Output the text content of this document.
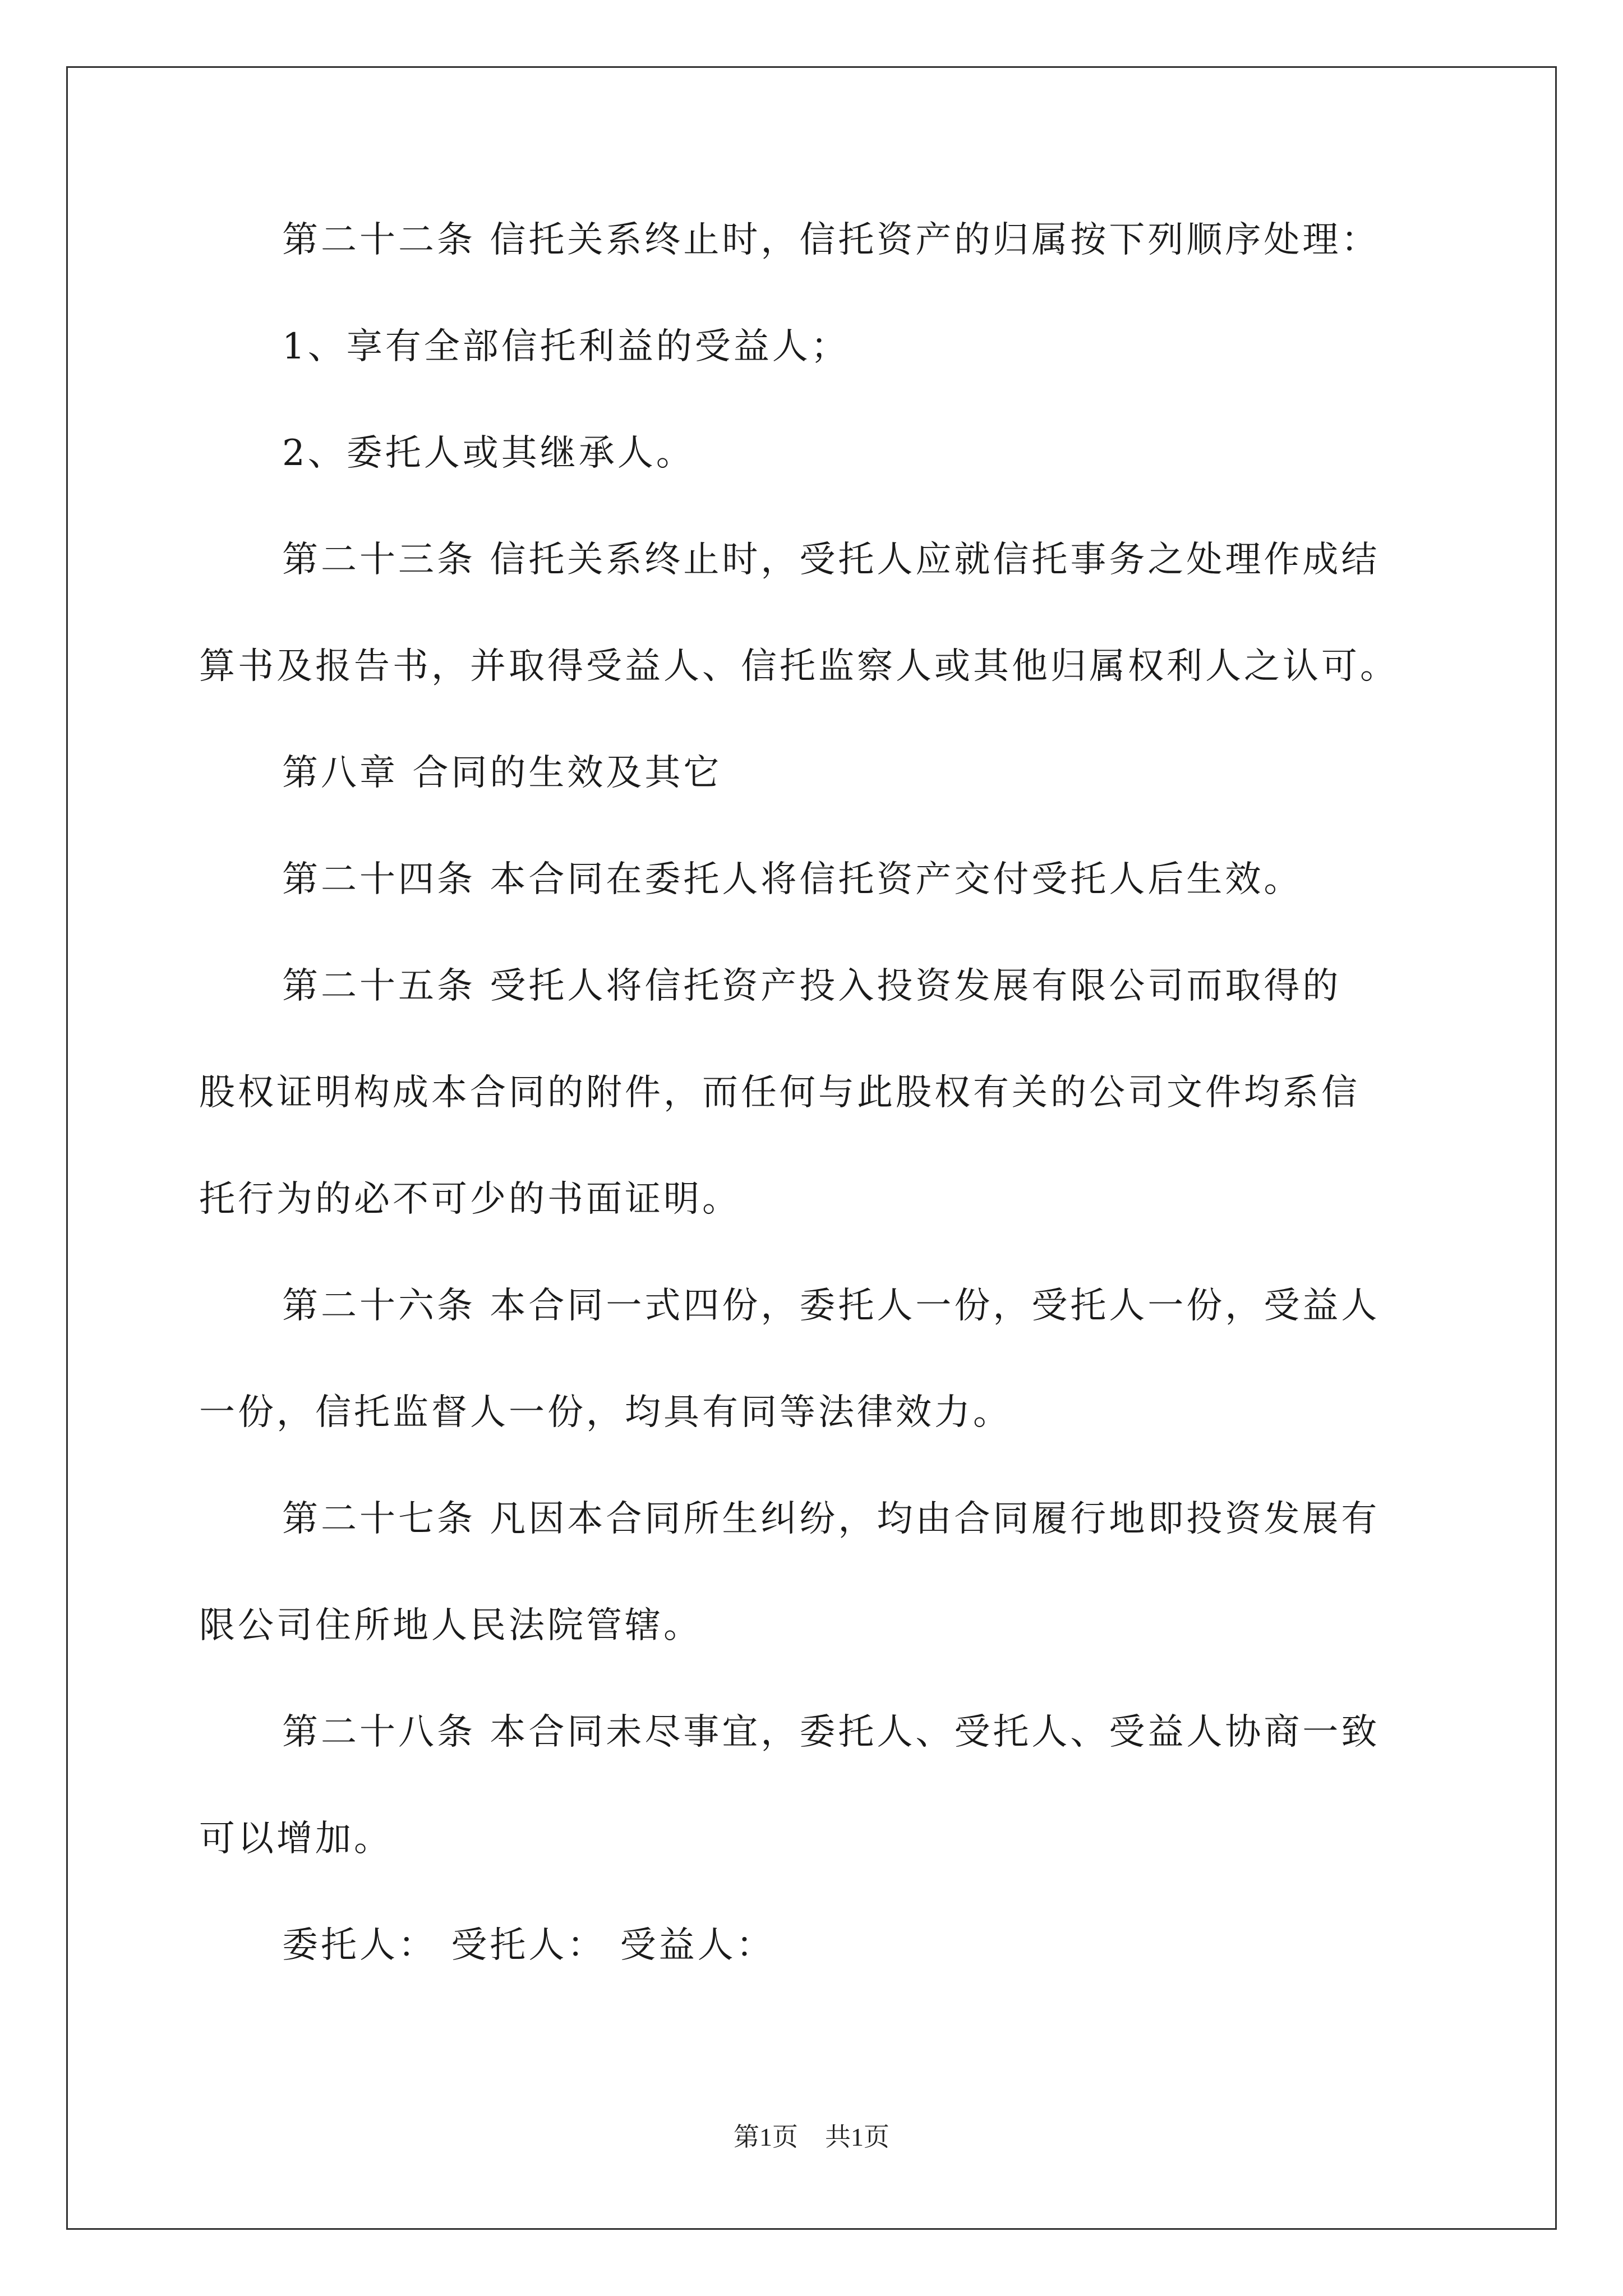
第二十二条 信托关系终止时，信托资产的归属按下列顺序处理：

1、享有全部信托利益的受益人；

2、委托人或其继承人。

第二十三条 信托关系终止时，受托人应就信托事务之处理作成结

算书及报告书，并取得受益人、信托监察人或其他归属权利人之认可。

第八章 合同的生效及其它

第二十四条 本合同在委托人将信托资产交付受托人后生效。

第二十五条 受托人将信托资产投入投资发展有限公司而取得的

股权证明构成本合同的附件，而任何与此股权有关的公司文件均系信

托行为的必不可少的书面证明。

第二十六条 本合同一式四份，委托人一份，受托人一份，受益人

一份，信托监督人一份，均具有同等法律效力。

第二十七条 凡因本合同所生纠纷，均由合同履行地即投资发展有

限公司住所地人民法院管辖。

第二十八条 本合同未尽事宜，委托人、受托人、受益人协商一致

可以增加。

委托人： 受托人： 受益人：

第1页 共1页
